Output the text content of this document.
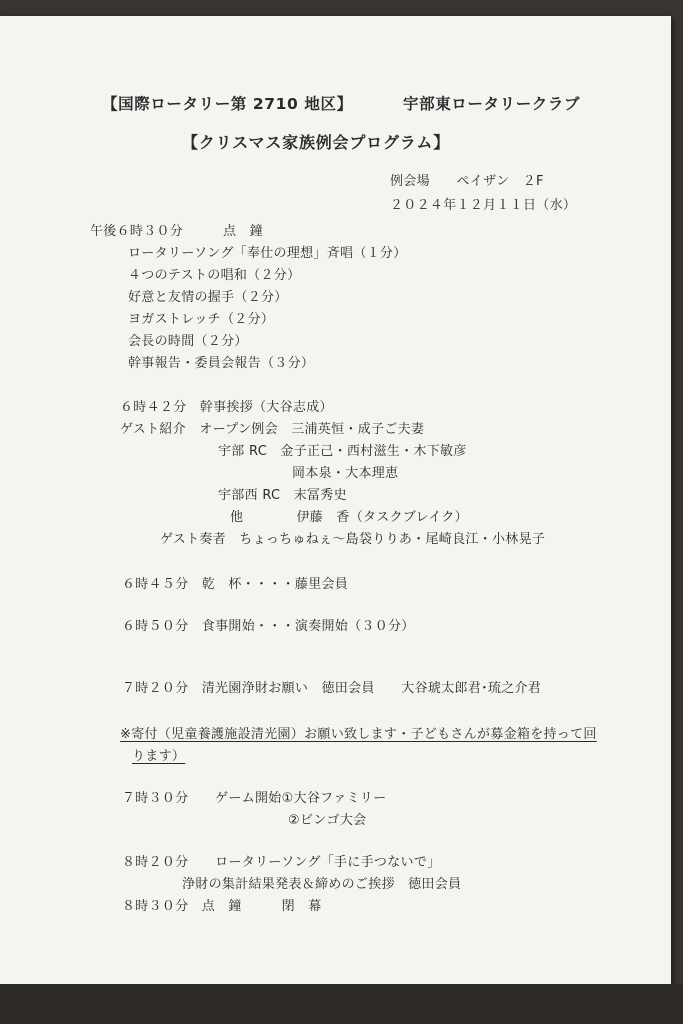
【国際ロータリー第 2710 地区】	宇部東ロータリークラブ
【クリスマス家族例会プログラム】
例会場　　ペイザン　２F
２０２４年１２月１１日（水）
午後６時３０分　　　点　鐘
ロータリーソング「奉仕の理想」斉唱（１分）
４つのテストの唱和（２分）
好意と友情の握手（２分）
ヨガストレッチ（２分）
会長の時間（２分）
幹事報告・委員会報告（３分）
６時４２分　幹事挨拶（大谷志成）
ゲスト紹介　オープン例会　三浦英恒・成子ご夫妻
宇部 RC　金子正己・西村滋生・木下敏彦
岡本泉・大本理恵
宇部西 RC　末冨秀史
他　　　　伊藤　香（タスクブレイク）
ゲスト奏者　ちょっちゅねぇ～島袋りりあ・尾崎良江・小林晃子
６時４５分　乾　杯・・・・藤里会員
６時５０分　食事開始・・・演奏開始（３０分）
７時２０分　清光園浄財お願い　徳田会員　　大谷琥太郎君･琉之介君
※寄付（児童養護施設清光園）お願い致します・子どもさんが募金箱を持って回
ります）
７時３０分　　ゲーム開始①大谷ファミリー
②ビンゴ大会
８時２０分　　ロータリーソング「手に手つないで」
浄財の集計結果発表＆締めのご挨拶　徳田会員
８時３０分　点　鐘　　　閉　幕
